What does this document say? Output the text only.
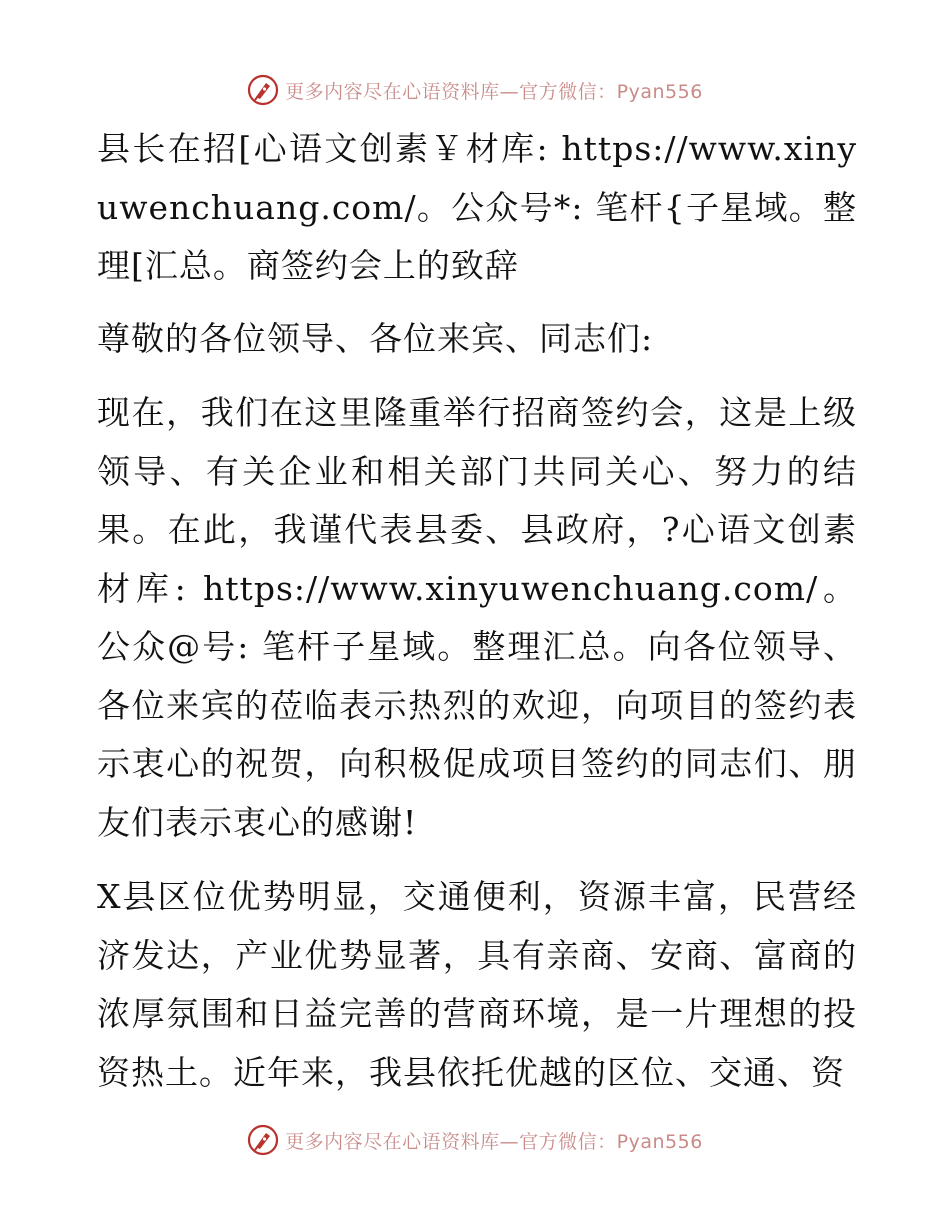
更多内容尽在心语资料库—官方微信：Pyan556

县长在招[心语文创素￥材库: https://www.xinyuwenchuang.com/。公众号*: 笔杆{子星域。整理[汇总。商签约会上的致辞

尊敬的各位领导、各位来宾、同志们:

现在，我们在这里隆重举行招商签约会，这是上级领导、有关企业和相关部门共同关心、努力的结果。在此，我谨代表县委、县政府，?心语文创素材库: https://www.xinyuwenchuang.com/。公众@号: 笔杆子星域。整理汇总。向各位领导、各位来宾的莅临表示热烈的欢迎，向项目的签约表示衷心的祝贺，向积极促成项目签约的同志们、朋友们表示衷心的感谢!

X县区位优势明显，交通便利，资源丰富，民营经济发达，产业优势显著，具有亲商、安商、富商的浓厚氛围和日益完善的营商环境，是一片理想的投资热土。近年来，我县依托优越的区位、交通、资

更多内容尽在心语资料库—官方微信：Pyan556
